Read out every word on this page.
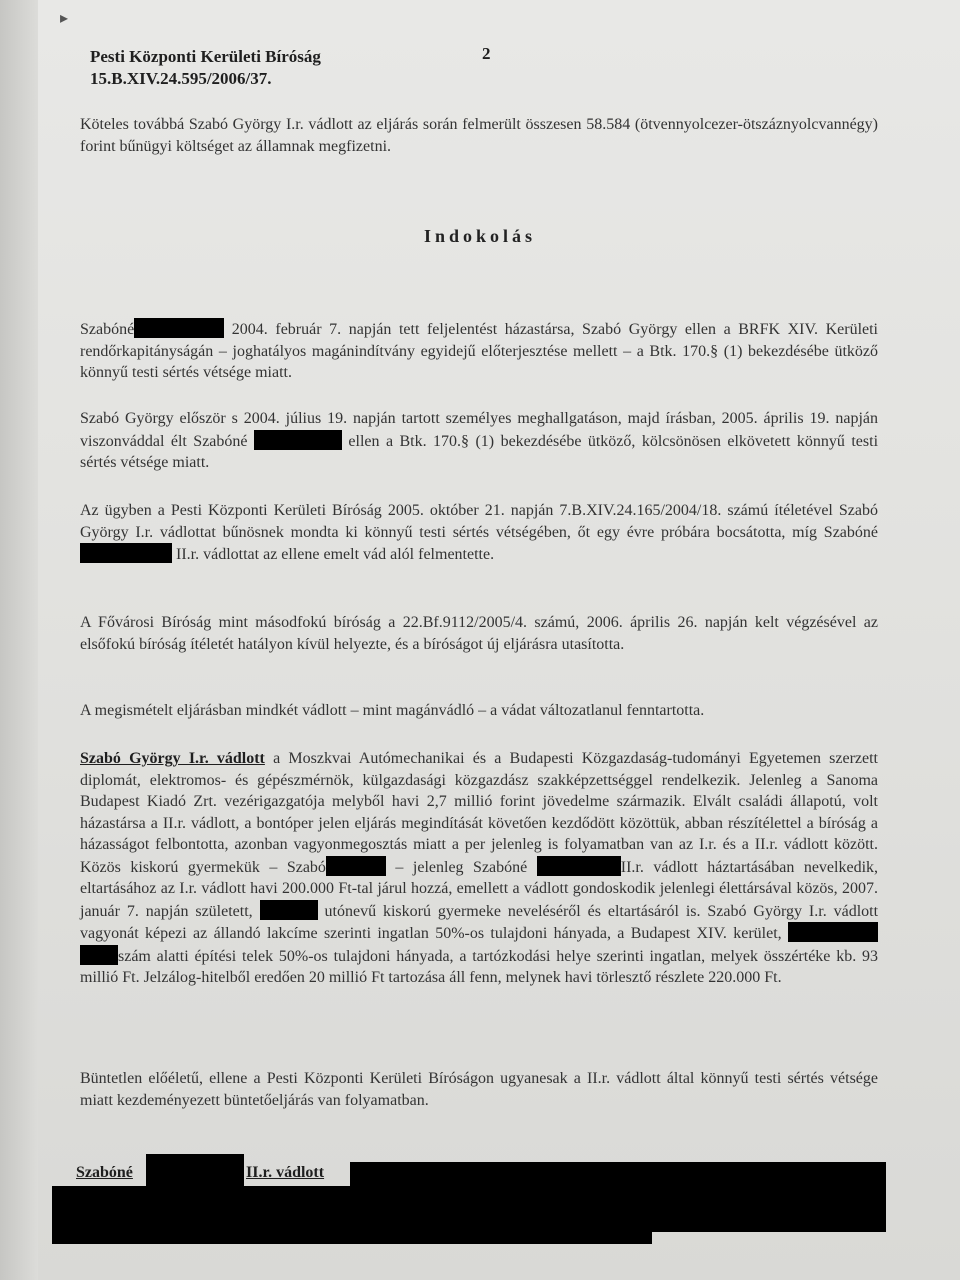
▸
Pesti Központi Kerületi Bíróság
15.B.XIV.24.595/2006/37.
2

Köteles továbbá Szabó György I.r. vádlott az eljárás során felmerült összesen 58.584 (ötvennyolcezer-ötszáznyolcvannégy) forint bűnügyi költséget az államnak megfizetni.

Indokolás

Szabóné	2004. február 7. napján tett feljelentést házastársa, Szabó György ellen a BRFK XIV. Kerületi rendőrkapitányságán – joghatályos magánindítvány egyidejű előterjesztése mellett – a Btk. 170.§ (1) bekezdésébe ütköző könnyű testi sértés vétsége miatt.

Szabó György először s 2004. július 19. napján tartott személyes meghallgatáson, majd írásban, 2005. április 19. napján viszonváddal élt Szabóné	ellen a Btk. 170.§ (1) bekezdésébe ütköző, kölcsönösen elkövetett könnyű testi sértés vétsége miatt.

Az ügyben a Pesti Központi Kerületi Bíróság 2005. október 21. napján 7.B.XIV.24.165/2004/18. számú ítéletével Szabó György I.r. vádlottat bűnösnek mondta ki könnyű testi sértés vétségében, őt egy évre próbára bocsátotta, míg Szabóné  II.r. vádlottat az ellene emelt vád alól felmentette.

A Fővárosi Bíróság mint másodfokú bíróság a 22.Bf.9112/2005/4. számú, 2006. április 26. napján kelt végzésével az elsőfokú bíróság ítéletét hatályon kívül helyezte, és a bíróságot új eljárásra utasította.

A megismételt eljárásban mindkét vádlott – mint magánvádló – a vádat változatlanul fenntartotta.

Szabó György I.r. vádlott a Moszkvai Autómechanikai és a Budapesti Közgazdaság-tudományi Egyetemen szerzett diplomát, elektromos- és gépészmérnök, külgazdasági közgazdász szakképzettséggel rendelkezik. Jelenleg a Sanoma Budapest Kiadó Zrt. vezérigazgatója melyből havi 2,7 millió forint jövedelme származik. Elvált családi állapotú, volt házastársa a II.r. vádlott, a bontóper jelen eljárás megindítását követően kezdődött közöttük, abban részítélettel a bíróság a házasságot felbontotta, azonban vagyonmegosztás miatt a per jelenleg is folyamatban van az I.r. és a II.r. vádlott között. Közös kiskorú gyermekük – Szabó	– jelenleg Szabóné	II.r. vádlott háztartásában nevelkedik, eltartásához az I.r. vádlott havi 200.000 Ft-tal járul hozzá, emellett a vádlott gondoskodik jelenlegi élettársával közös, 2007. január 7. napján született,	utónevű kiskorú gyermeke neveléséről és eltartásáról is. Szabó György I.r. vádlott vagyonát képezi az állandó lakcíme szerinti ingatlan 50%-os tulajdoni hányada, a Budapest XIV. kerület,  szám alatti építési telek 50%-os tulajdoni hányada, a tartózkodási helye szerinti ingatlan, melyek összértéke kb. 93 millió Ft. Jelzálog-hitelből eredően 20 millió Ft tartozása áll fenn, melynek havi törlesztő részlete 220.000 Ft.

Büntetlen előéletű, ellene a Pesti Központi Kerületi Bíróságon ugyanesak a II.r. vádlott által könnyű testi sértés vétsége miatt kezdeményezett büntetőeljárás van folyamatban.

Szabóné	II.r. vádlott
